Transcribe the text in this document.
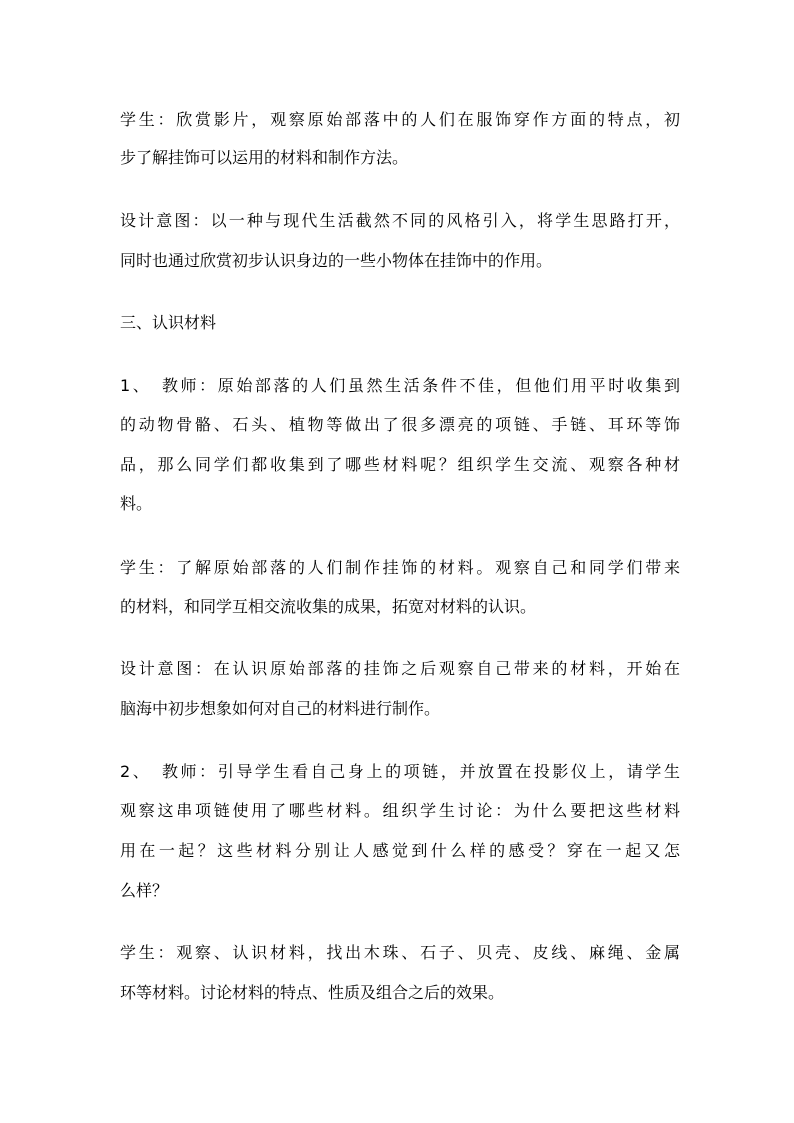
学生：欣赏影片，观察原始部落中的人们在服饰穿作方面的特点，初
步了解挂饰可以运用的材料和制作方法。
设计意图：以一种与现代生活截然不同的风格引入，将学生思路打开，
同时也通过欣赏初步认识身边的一些小物体在挂饰中的作用。
三、认识材料
1、　教师：原始部落的人们虽然生活条件不佳，但他们用平时收集到
的动物骨骼、石头、植物等做出了很多漂亮的项链、手链、耳环等饰
品，那么同学们都收集到了哪些材料呢？组织学生交流、观察各种材
料。
学生：了解原始部落的人们制作挂饰的材料。观察自己和同学们带来
的材料，和同学互相交流收集的成果，拓宽对材料的认识。
设计意图：在认识原始部落的挂饰之后观察自己带来的材料，开始在
脑海中初步想象如何对自己的材料进行制作。
2、　教师：引导学生看自己身上的项链，并放置在投影仪上，请学生
观察这串项链使用了哪些材料。组织学生讨论：为什么要把这些材料
用在一起？这些材料分别让人感觉到什么样的感受？穿在一起又怎
么样？
学生：观察、认识材料，找出木珠、石子、贝壳、皮线、麻绳、金属
环等材料。讨论材料的特点、性质及组合之后的效果。
